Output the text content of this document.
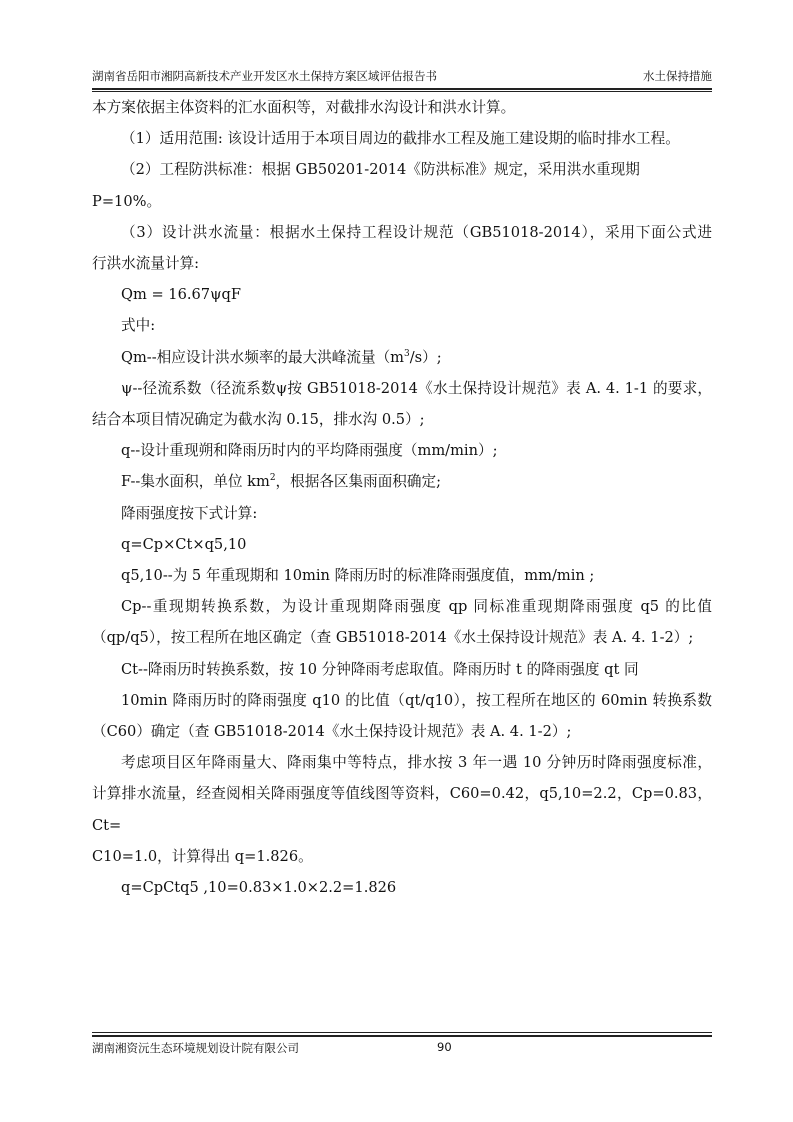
湖南省岳阳市湘阴高新技术产业开发区水土保持方案区域评估报告书	水土保持措施

本方案依据主体资料的汇水面积等，对截排水沟设计和洪水计算。

（1）适用范围: 该设计适用于本项目周边的截排水工程及施工建设期的临时排水工程。

（2）工程防洪标准：根据 GB50201-2014《防洪标准》规定，采用洪水重现期 P=10%。

（3）设计洪水流量：根据水土保持工程设计规范（GB51018-2014），采用下面公式进

行洪水流量计算:

Qm = 16.67ψqF

式中:

Qm--相应设计洪水频率的最大洪峰流量$(m^3/s)$;

ψ--径流系数（径流系数ψ按 GB51018-2014《水土保持设计规范》表 A. 4. 1-1 的要求，

结合本项目情况确定为截水沟 0.15，排水沟 0.5）;

q--设计重现朔和降雨历时内的平均降雨强度（mm/min）;

F--集水面积，单位 $km^2$，根据各区集雨面积确定;

降雨强度按下式计算:

q=Cp×Ct×q5,10

q5,10--为 5 年重现期和 10min 降雨历时的标准降雨强度值，mm/min ;

Cp--重现期转换系数，为设计重现期降雨强度 qp 同标准重现期降雨强度 q5 的比值

（qp/q5），按工程所在地区确定（查 GB51018-2014《水土保持设计规范》表 A. 4. 1-2）;

Ct--降雨历时转换系数，按 10 分钟降雨考虑取值。降雨历时 t 的降雨强度 qt 同

10min 降雨历时的降雨强度 q10 的比值（qt/q10），按工程所在地区的 60min 转换系数

（C60）确定（查 GB51018-2014《水土保持设计规范》表 A. 4. 1-2）;

考虑项目区年降雨量大、降雨集中等特点，排水按 3 年一遇 10 分钟历时降雨强度标准，

计算排水流量，经查阅相关降雨强度等值线图等资料，C60=0.42，q5,10=2.2，Cp=0.83， Ct=

C10=1.0，计算得出 q=1.826。

q=CpCtq5 ,10=0.83×1.0×2.2=1.826

湖南湘资沅生态环境规划设计院有限公司	90
